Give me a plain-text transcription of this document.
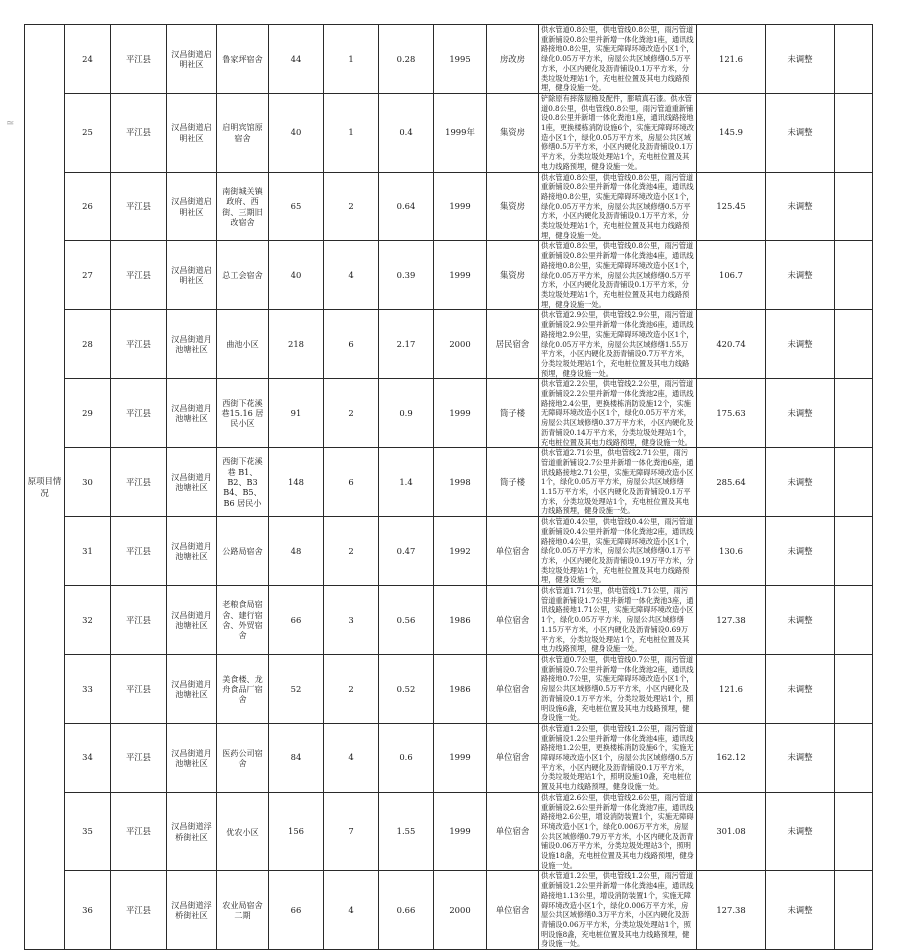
≃
原项目情况	24	平江县	汉昌街道启明社区	鲁家坪宿舍	44	1	0.28	1995	房改房	供水管道0.8公里，供电管线0.8公里，雨污管道重新铺设0.8公里并新增一体化粪池1座，通讯线路接地0.8公里，实施无障碍环境改造小区1个，绿化0.05万平方米，房屋公共区域修缮0.5万平方米，小区内硬化及沥青铺设0.1万平方米，分类垃圾处理站1个，充电桩位置及其电力线路预埋，健身设施一处。	121.6	未调整	
	25	平江县	汉昌街道启明社区	启明宾馆原宿舍	40	1	0.4	1999年	集资房	铲除原有摔落屋檐及配件，膨喷真石漆。供水管道0.8公里，供电管线0.8公里，雨污管道重新铺设0.8公里并新增一体化粪池1座，通讯线路接地1座，更换楼栋消防设施6个，实施无障碍环境改造小区1个，绿化0.05万平方米，房屋公共区域修缮0.5万平方米，小区内硬化及沥青铺设0.1万平方米，分类垃圾处理站1个，充电桩位置及其电力线路预埋，健身设施一处。	145.9	未调整	
	26	平江县	汉昌街道启明社区	南街城关镇政府、西街、三期旧改宿舍	65	2	0.64	1999	集资房	供水管道0.8公里，供电管线0.8公里，雨污管道重新铺设0.8公里并新增一体化粪池4座，通讯线路接地0.8公里，实施无障碍环境改造小区1个，绿化0.05万平方米，房屋公共区域修缮0.5万平方米，小区内硬化及沥青铺设0.1万平方米，分类垃圾处理站1个，充电桩位置及其电力线路预埋，健身设施一处。	125.45	未调整	
	27	平江县	汉昌街道启明社区	总工会宿舍	40	4	0.39	1999	集资房	供水管道0.8公里，供电管线0.8公里，雨污管道重新铺设0.8公里并新增一体化粪池4座，通讯线路接地0.8公里，实施无障碍环境改造小区1个，绿化0.05万平方米，房屋公共区域修缮0.5万平方米，小区内硬化及沥青铺设0.1万平方米，分类垃圾处理站1个，充电桩位置及其电力线路预埋，健身设施一处。	106.7	未调整	
	28	平江县	汉昌街道月池塘社区	曲池小区	218	6	2.17	2000	居民宿舍	供水管道2.9公里，供电管线2.9公里，雨污管道重新铺设2.9公里并新增一体化粪池6座，通讯线路接地2.9公里，实施无障碍环境改造小区1个，绿化0.05万平方米，房屋公共区域修缮1.55万平方米，小区内硬化及沥青铺设0.7万平方米，分类垃圾处理站1个，充电桩位置及其电力线路预埋，健身设施一处。	420.74	未调整	
	29	平江县	汉昌街道月池塘社区	西街下花溪巷15.16 居民小区	91	2	0.9	1999	筒子楼	供水管道2.2公里，供电管线2.2公里，雨污管道重新铺设2.2公里并新增一体化粪池2座，通讯线路接地2.4公里，更换楼栋消防设施12个，实施无障碍环境改造小区1个，绿化0.05万平方米，房屋公共区域修缮0.37万平方米，小区内硬化及沥青铺设0.14万平方米，分类垃圾处理站1个，充电桩位置及其电力线路预埋，健身设施一处。	175.63	未调整	
	30	平江县	汉昌街道月池塘社区	西街下花溪巷 B1、B2、B3 B4、B5、B6 居民小	148	6	1.4	1998	筒子楼	供水管道2.71公里，供电管线2.71公里，雨污管道重新铺设2.7公里并新增一体化粪池6座，通讯线路接地2.71公里，实施无障碍环境改造小区1个，绿化0.05万平方米，房屋公共区域修缮1.15万平方米，小区内硬化及沥青铺设0.1万平方米，分类垃圾处理站1个，充电桩位置及其电力线路预埋，健身设施一处。	285.64	未调整	
	31	平江县	汉昌街道月池塘社区	公路局宿舍	48	2	0.47	1992	单位宿舍	供水管道0.4公里，供电管线0.4公里，雨污管道重新铺设0.4公里并新增一体化粪池2座，通讯线路接地0.4公里，实施无障碍环境改造小区1个，绿化0.05万平方米，房屋公共区域修缮0.1万平方米，小区内硬化及沥青铺设0.19万平方米，分类垃圾处理站1个，充电桩位置及其电力线路预埋，健身设施一处。	130.6	未调整	
	32	平江县	汉昌街道月池塘社区	老粮食局宿舍、建行宿舍、外贸宿舍	66	3	0.56	1986	单位宿舍	供水管道1.71公里，供电管线1.71公里，雨污管道重新铺设1.7公里并新增一体化粪池3座，通讯线路接地1.71公里，实施无障碍环境改造小区1个，绿化0.05万平方米，房屋公共区域修缮1.15万平方米，小区内硬化及沥青铺设0.69万平方米，分类垃圾处理站1个，充电桩位置及其电力线路预埋，健身设施一处。	127.38	未调整	
	33	平江县	汉昌街道月池塘社区	美食楼、龙舟食品厂宿舍	52	2	0.52	1986	单位宿舍	供水管道0.7公里，供电管线0.7公里，雨污管道重新铺设0.7公里并新增一体化粪池2座，通讯线路接地0.7公里，实施无障碍环境改造小区1个，房屋公共区域修缮0.5万平方米，小区内硬化及沥青铺设0.1万平方米，分类垃圾处理站1个，照明设施6盏，充电桩位置及其电力线路预埋，健身设施一处。	121.6	未调整	
	34	平江县	汉昌街道月池塘社区	医药公司宿舍	84	4	0.6	1999	单位宿舍	供水管道1.2公里，供电管线1.2公里，雨污管道重新铺设1.2公里并新增一体化粪池4座，通讯线路接地1.2公里，更换楼栋消防设施6个，实施无障碍环境改造小区1个，房屋公共区域修缮0.5万平方米，小区内硬化及沥青铺设0.1万平方米，分类垃圾处理站1个，照明设施10盏，充电桩位置及其电力线路预埋，健身设施一处。	162.12	未调整	
	35	平江县	汉昌街道浮桥街社区	优农小区	156	7	1.55	1999	单位宿舍	供水管道2.6公里，供电管线2.6公里，雨污管道重新铺设2.6公里并新增一体化粪池7座，通讯线路接地2.6公里，增设消防装置1个，实施无障碍环境改造小区1个，绿化0.006万平方米，房屋公共区域修缮0.79万平方米，小区内硬化及沥青铺设0.06万平方米，分类垃圾处理站3个，照明设施18盏，充电桩位置及其电力线路预埋，健身设施一处。	301.08	未调整	
	36	平江县	汉昌街道浮桥街社区	农业局宿舍二期	66	4	0.66	2000	单位宿舍	供水管道1.2公里，供电管线1.2公里，雨污管道重新铺设1.2公里并新增一体化粪池4座，通讯线路接地1.13公里，增设消防装置1个，实施无障碍环境改造小区1个，绿化0.006万平方米，房屋公共区域修缮0.3万平方米，小区内硬化及沥青铺设0.06万平方米，分类垃圾处理站1个，照明设施8盏，充电桩位置及其电力线路预埋，健身设施一处。	127.38	未调整	
